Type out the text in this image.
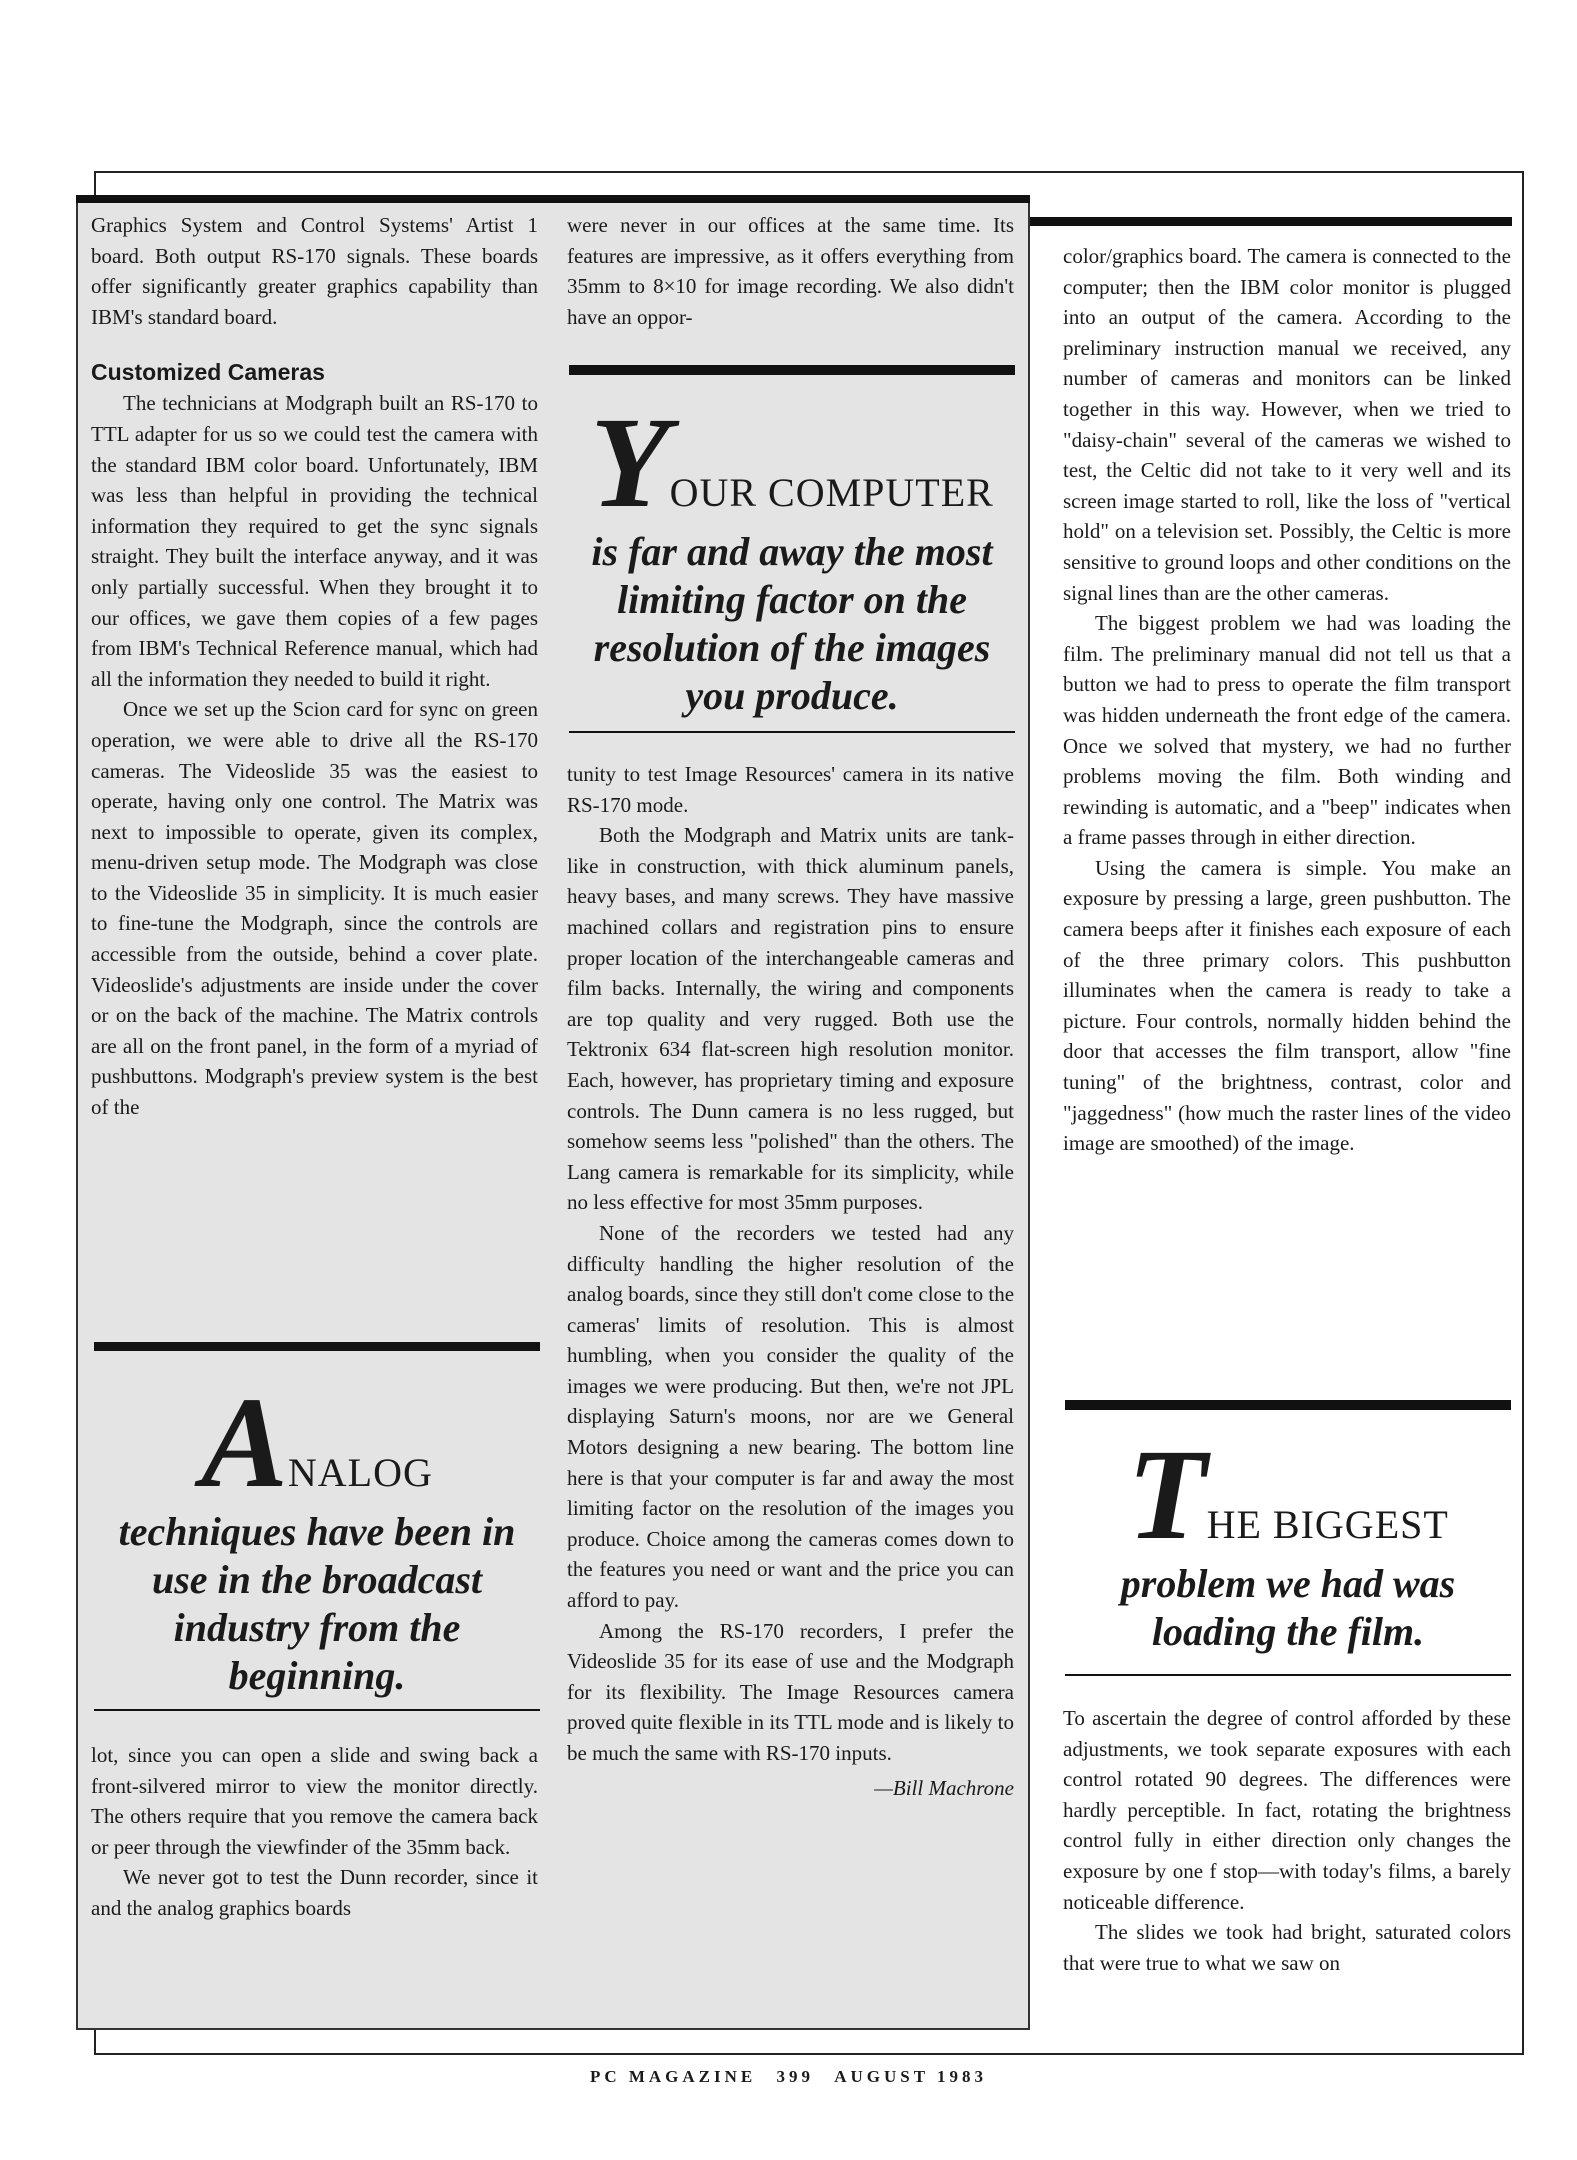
Graphics System and Control Systems' Artist 1 board. Both output RS-170 signals. These boards offer significantly greater graphics capability than IBM's standard board.

Customized Cameras

The technicians at Modgraph built an RS-170 to TTL adapter for us so we could test the camera with the standard IBM color board. Unfortunately, IBM was less than helpful in providing the technical information they required to get the sync signals straight. They built the interface anyway, and it was only partially successful. When they brought it to our offices, we gave them copies of a few pages from IBM's Technical Reference manual, which had all the information they needed to build it right.

Once we set up the Scion card for sync on green operation, we were able to drive all the RS-170 cameras. The Videoslide 35 was the easiest to operate, having only one control. The Matrix was next to impossible to operate, given its complex, menu-driven setup mode. The Modgraph was close to the Videoslide 35 in simplicity. It is much easier to fine-tune the Modgraph, since the controls are accessible from the outside, behind a cover plate. Videoslide's adjustments are inside under the cover or on the back of the machine. The Matrix controls are all on the front panel, in the form of a myriad of pushbuttons. Modgraph's preview system is the best of the

ANALOG
techniques have been in use in the broadcast industry from the beginning.

lot, since you can open a slide and swing back a front-silvered mirror to view the monitor directly. The others require that you remove the camera back or peer through the viewfinder of the 35mm back.

We never got to test the Dunn recorder, since it and the analog graphics boards

were never in our offices at the same time. Its features are impressive, as it offers everything from 35mm to 8×10 for image recording. We also didn't have an oppor-

YOUR COMPUTER
is far and away the most limiting factor on the resolution of the images you produce.

tunity to test Image Resources' camera in its native RS-170 mode.

Both the Modgraph and Matrix units are tank-like in construction, with thick aluminum panels, heavy bases, and many screws. They have massive machined collars and registration pins to ensure proper location of the interchangeable cameras and film backs. Internally, the wiring and components are top quality and very rugged. Both use the Tektronix 634 flat-screen high resolution monitor. Each, however, has proprietary timing and exposure controls. The Dunn camera is no less rugged, but somehow seems less "polished" than the others. The Lang camera is remarkable for its simplicity, while no less effective for most 35mm purposes.

None of the recorders we tested had any difficulty handling the higher resolution of the analog boards, since they still don't come close to the cameras' limits of resolution. This is almost humbling, when you consider the quality of the images we were producing. But then, we're not JPL displaying Saturn's moons, nor are we General Motors designing a new bearing. The bottom line here is that your computer is far and away the most limiting factor on the resolution of the images you produce. Choice among the cameras comes down to the features you need or want and the price you can afford to pay.

Among the RS-170 recorders, I prefer the Videoslide 35 for its ease of use and the Modgraph for its flexibility. The Image Resources camera proved quite flexible in its TTL mode and is likely to be much the same with RS-170 inputs.

—Bill Machrone

color/graphics board. The camera is connected to the computer; then the IBM color monitor is plugged into an output of the camera. According to the preliminary instruction manual we received, any number of cameras and monitors can be linked together in this way. However, when we tried to "daisy-chain" several of the cameras we wished to test, the Celtic did not take to it very well and its screen image started to roll, like the loss of "vertical hold" on a television set. Possibly, the Celtic is more sensitive to ground loops and other conditions on the signal lines than are the other cameras.

The biggest problem we had was loading the film. The preliminary manual did not tell us that a button we had to press to operate the film transport was hidden underneath the front edge of the camera. Once we solved that mystery, we had no further problems moving the film. Both winding and rewinding is automatic, and a "beep" indicates when a frame passes through in either direction.

Using the camera is simple. You make an exposure by pressing a large, green pushbutton. The camera beeps after it finishes each exposure of each of the three primary colors. This pushbutton illuminates when the camera is ready to take a picture. Four controls, normally hidden behind the door that accesses the film transport, allow "fine tuning" of the brightness, contrast, color and "jaggedness" (how much the raster lines of the video image are smoothed) of the image.

THE BIGGEST
problem we had was loading the film.

To ascertain the degree of control afforded by these adjustments, we took separate exposures with each control rotated 90 degrees. The differences were hardly perceptible. In fact, rotating the brightness control fully in either direction only changes the exposure by one f stop—with today's films, a barely noticeable difference.

The slides we took had bright, saturated colors that were true to what we saw on

PC MAGAZINE 399 AUGUST 1983
